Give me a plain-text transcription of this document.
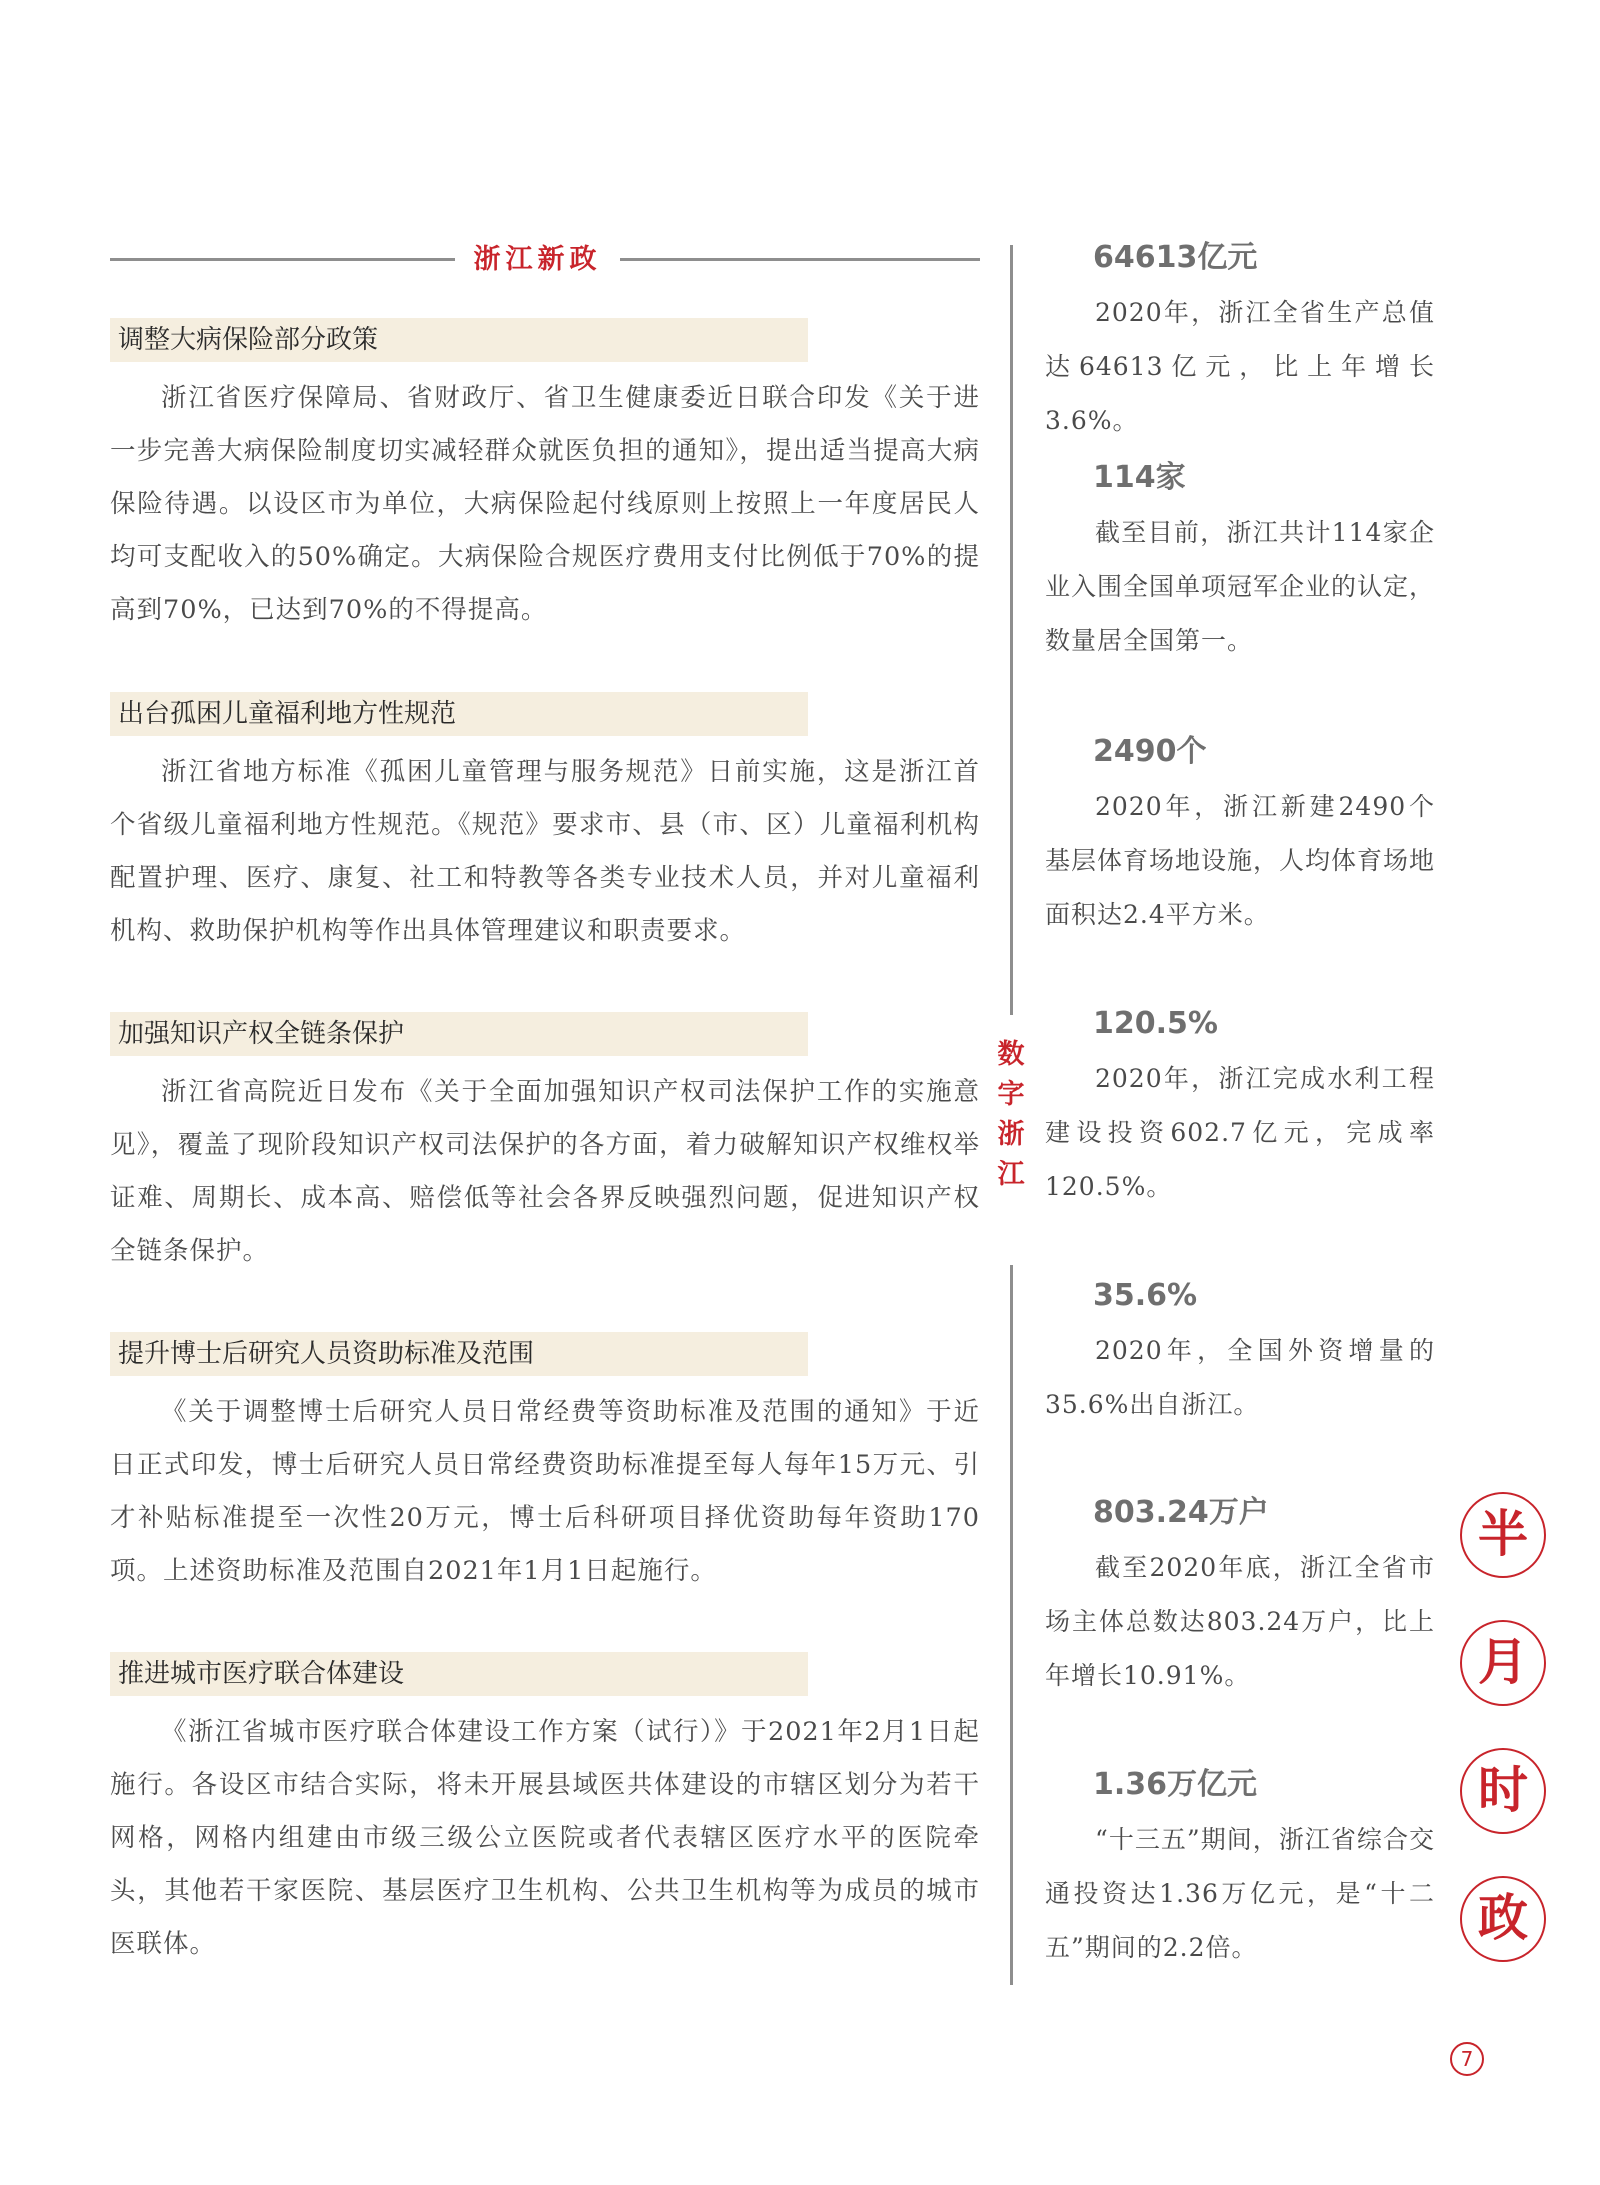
浙江新政
调整大病保险部分政策
浙江省医疗保障局、省财政厅、省卫生健康委近日联合印发《关于进一步完善大病保险制度切实减轻群众就医负担的通知》，提出适当提高大病保险待遇。以设区市为单位，大病保险起付线原则上按照上一年度居民人均可支配收入的50%确定。大病保险合规医疗费用支付比例低于70%的提高到70%，已达到70%的不得提高。
出台孤困儿童福利地方性规范
浙江省地方标准《孤困儿童管理与服务规范》日前实施，这是浙江首个省级儿童福利地方性规范。《规范》要求市、县（市、区）儿童福利机构配置护理、医疗、康复、社工和特教等各类专业技术人员，并对儿童福利机构、救助保护机构等作出具体管理建议和职责要求。
加强知识产权全链条保护
浙江省高院近日发布《关于全面加强知识产权司法保护工作的实施意见》，覆盖了现阶段知识产权司法保护的各方面，着力破解知识产权维权举证难、周期长、成本高、赔偿低等社会各界反映强烈问题，促进知识产权全链条保护。
提升博士后研究人员资助标准及范围
《关于调整博士后研究人员日常经费等资助标准及范围的通知》于近日正式印发，博士后研究人员日常经费资助标准提至每人每年15万元、引才补贴标准提至一次性20万元，博士后科研项目择优资助每年资助170项。上述资助标准及范围自2021年1月1日起施行。
推进城市医疗联合体建设
《浙江省城市医疗联合体建设工作方案（试行）》于2021年2月1日起施行。各设区市结合实际，将未开展县域医共体建设的市辖区划分为若干网格，网格内组建由市级三级公立医院或者代表辖区医疗水平的医院牵头，其他若干家医院、基层医疗卫生机构、公共卫生机构等为成员的城市医联体。
数
字
浙
江
64613亿元
2020年，浙江全省生产总值达64613亿元，比上年增长3.6%。
114家
截至目前，浙江共计114家企业入围全国单项冠军企业的认定，数量居全国第一。
2490个
2020年，浙江新建2490个基层体育场地设施，人均体育场地面积达2.4平方米。
120.5%
2020年，浙江完成水利工程建设投资602.7亿元，完成率120.5%。
35.6%
2020年，全国外资增量的35.6%出自浙江。
803.24万户
截至2020年底，浙江全省市场主体总数达803.24万户，比上年增长10.91%。
1.36万亿元
“十三五”期间，浙江省综合交通投资达1.36万亿元，是“十二五”期间的2.2倍。
半
月
时
政
7
